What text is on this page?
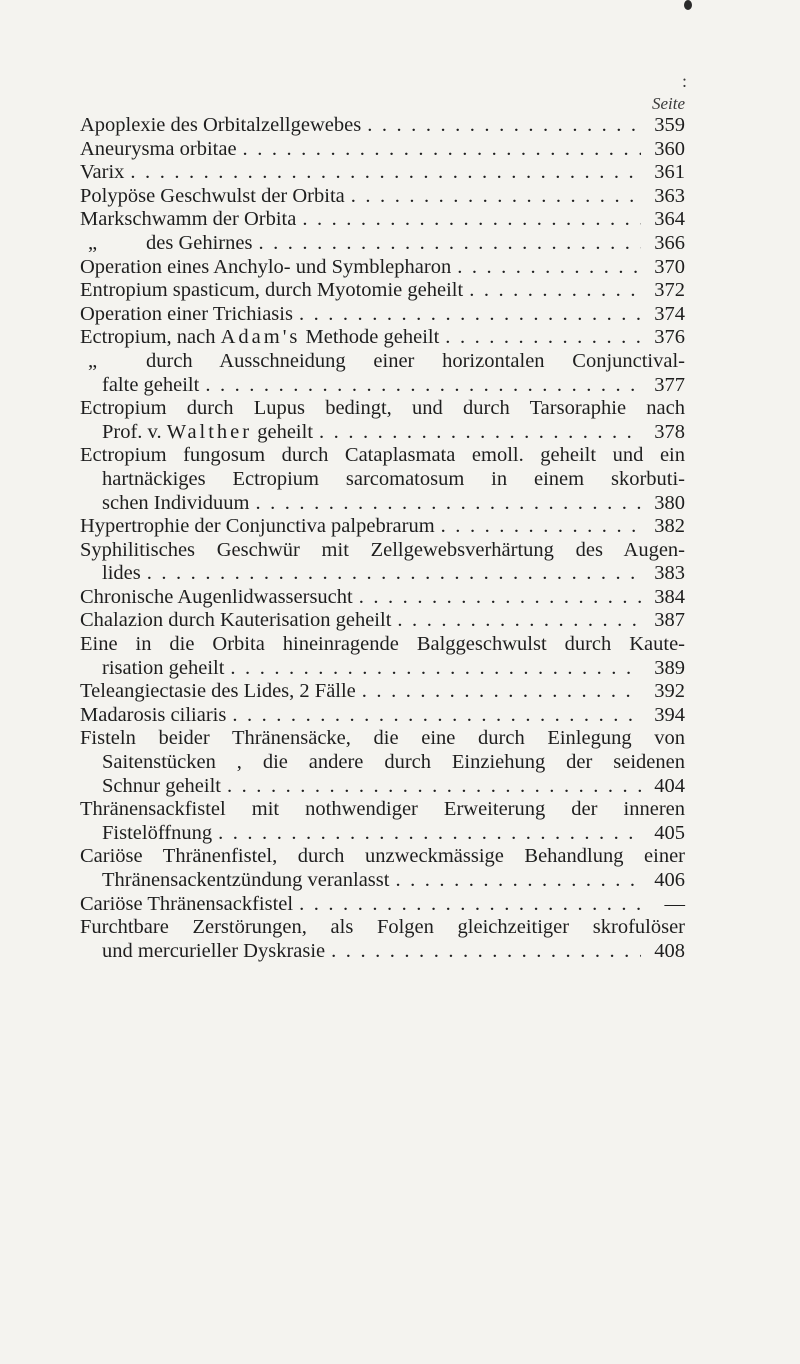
:
Seite
Apoplexie des Orbitalzellgewebes . . .	359
Aneurysma orbitae . . .	360
Varix . . .	361
Polypöse Geschwulst der Orbita . . .	363
Markschwamm der Orbita . . .	364
„	des Gehirnes . . .	366
Operation eines Anchylo- und Symblepharon . . .	370
Entropium spasticum, durch Myotomie geheilt . . .	372
Operation einer Trichiasis . . .	374
Ectropium, nach
Adam's
Methode geheilt . . .	376
„ durch Ausschneidung einer horizontalen Conjunctival-
falte geheilt . . .	377
Ectropium durch Lupus bedingt, und durch Tarsoraphie nach
Prof. v.
Walther
geheilt . . .	378
Ectropium fungosum durch Cataplasmata emoll. geheilt und ein
hartnäckiges Ectropium sarcomatosum in einem skorbuti-
schen Individuum . . .	380
Hypertrophie der Conjunctiva palpebrarum . . .	382
Syphilitisches Geschwür mit Zellgewebsverhärtung des Augen-
lides . . .	383
Chronische Augenlidwassersucht . . .	384
Chalazion durch Kauterisation geheilt . . .	387
Eine in die Orbita hineinragende Balggeschwulst durch Kaute-
risation geheilt . . .	389
Teleangiectasie des Lides, 2 Fälle . . .	392
Madarosis ciliaris . . .	394
Fisteln beider Thränensäcke, die eine durch Einlegung von
Saitenstücken , die andere durch Einziehung der seidenen
Schnur geheilt . . .	404
Thränensackfistel mit nothwendiger Erweiterung der inneren
Fistelöffnung . . .	405
Cariöse Thränenfistel, durch unzweckmässige Behandlung einer
Thränensackentzündung veranlasst . . .	406
Cariöse Thränensackfistel . . .	—
Furchtbare Zerstörungen, als Folgen gleichzeitiger skrofulöser
und mercurieller Dyskrasie . . .	408
